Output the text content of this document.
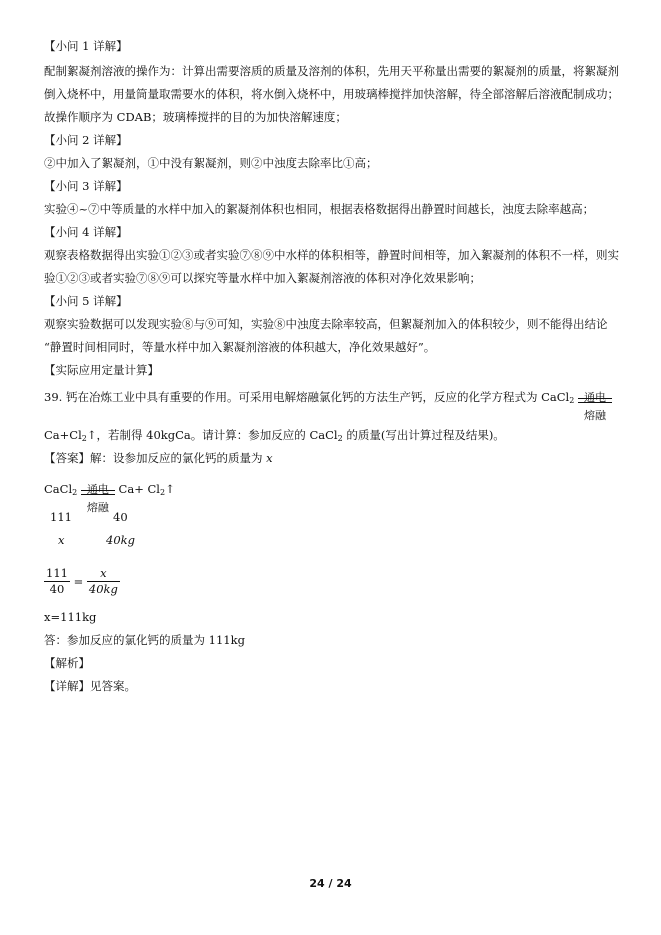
【小问 1 详解】
配制絮凝剂溶液的操作为：计算出需要溶质的质量及溶剂的体积，先用天平称量出需要的絮凝剂的质量，将絮凝剂
倒入烧杯中，用量筒量取需要水的体积，将水倒入烧杯中，用玻璃棒搅拌加快溶解，待全部溶解后溶液配制成功；
故操作顺序为 CDAB；玻璃棒搅拌的目的为加快溶解速度；
【小问 2 详解】
②中加入了絮凝剂，①中没有絮凝剂，则②中浊度去除率比①高；
【小问 3 详解】
实验④~⑦中等质量的水样中加入的絮凝剂体积也相同，根据表格数据得出静置时间越长，浊度去除率越高；
【小问 4 详解】
观察表格数据得出实验①②③或者实验⑦⑧⑨中水样的体积相等，静置时间相等，加入絮凝剂的体积不一样，则实
验①②③或者实验⑦⑧⑨可以探究等量水样中加入絮凝剂溶液的体积对净化效果影响；
【小问 5 详解】
观察实验数据可以发现实验⑧与⑨可知，实验⑧中浊度去除率较高，但絮凝剂加入的体积较少，则不能得出结论
“静置时间相同时，等量水样中加入絮凝剂溶液的体积越大，净化效果越好”。
【实际应用定量计算】
39. 钙在冶炼工业中具有重要的作用。可采用电解熔融氯化钙的方法生产钙，反应的化学方程式为 CaCl$_2$ 通电
熔融
$Ca+Cl_2↑$，若制得 40kgCa。请计算：参加反应的 CaCl$_2$ 的质量(写出计算过程及结果)。
【答案】解：设参加反应的氯化钙的质量为 x
CaCl$_2$ 通电
熔融
$Ca+ Cl_2↑$
111	40
x	40kg
$\frac{111}{40} = \frac{x}{40kg}$
x=111kg
答：参加反应的氯化钙的质量为 111kg
【解析】
【详解】见答案。
24 / 24
